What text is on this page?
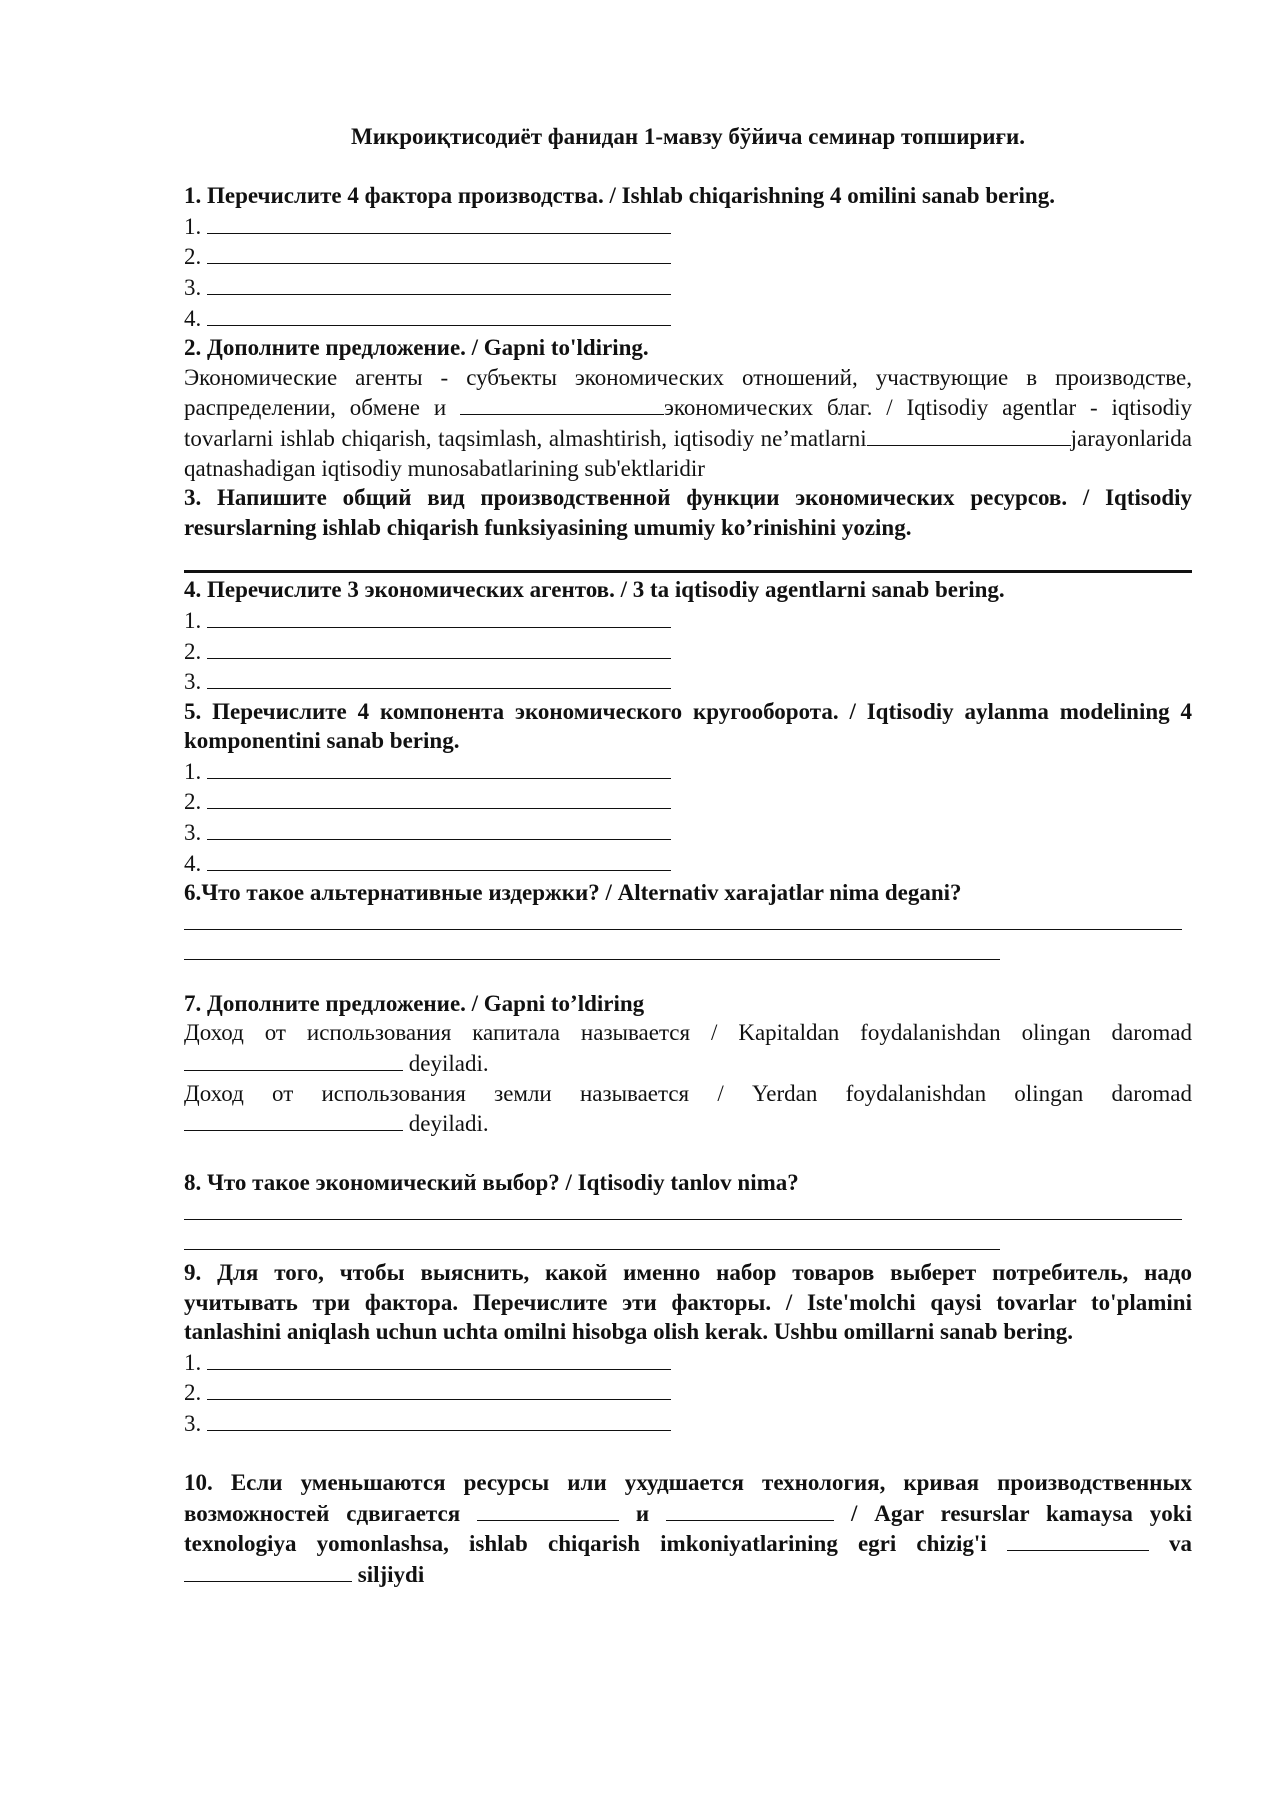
Микроиқтисодиёт фанидан 1-мавзу бўйича семинар топшириғи.

1. Перечислите 4 фактора производства. / Ishlab chiqarishning 4 omilini sanab bering.

1.

2.

3.

4.

2. Дополните предложение. / Gapni to'ldiring.

Экономические агенты - субъекты экономических отношений, участвующие в производстве, распределении, обмене и	экономических благ. / Iqtisodiy agentlar - iqtisodiy tovarlarni ishlab chiqarish, taqsimlash, almashtirish, iqtisodiy ne’matlarni	jarayonlarida qatnashadigan iqtisodiy munosabatlarining sub'ektlaridir

3. Напишите общий вид производственной функции экономических ресурсов. / Iqtisodiy resurslarning ishlab chiqarish funksiyasining umumiy ko’rinishini yozing.

4. Перечислите 3 экономических агентов. / 3 ta iqtisodiy agentlarni sanab bering.

1.

2.

3.

5. Перечислите 4 компонента экономического кругооборота. / Iqtisodiy aylanma modelining 4 komponentini sanab bering.

1.

2.

3.

4.

6.Что такое альтернативные издержки? / Alternativ xarajatlar nima degani?

7. Дополните предложение. / Gapni to’ldiring

Доход от использования капитала называется / Kapitaldan foydalanishdan olingan daromad

deyiladi.

Доход от использования земли называется / Yerdan foydalanishdan olingan daromad

deyiladi.

8. Что такое экономический выбор? / Iqtisodiy tanlov nima?

9. Для того, чтобы выяснить, какой именно набор товаров выберет потребитель, надо учитывать три фактора. Перечислите эти факторы. / Iste'molchi qaysi tovarlar to'plamini tanlashini aniqlash uchun uchta omilni hisobga olish kerak. Ushbu omillarni sanab bering.

1.

2.

3.

10. Если уменьшаются ресурсы или ухудшается технология, кривая производственных возможностей сдвигается	и	/ Agar resurslar kamaysa yoki texnologiya yomonlashsa, ishlab chiqarish imkoniyatlarining egri chizig'i	va  siljiydi
